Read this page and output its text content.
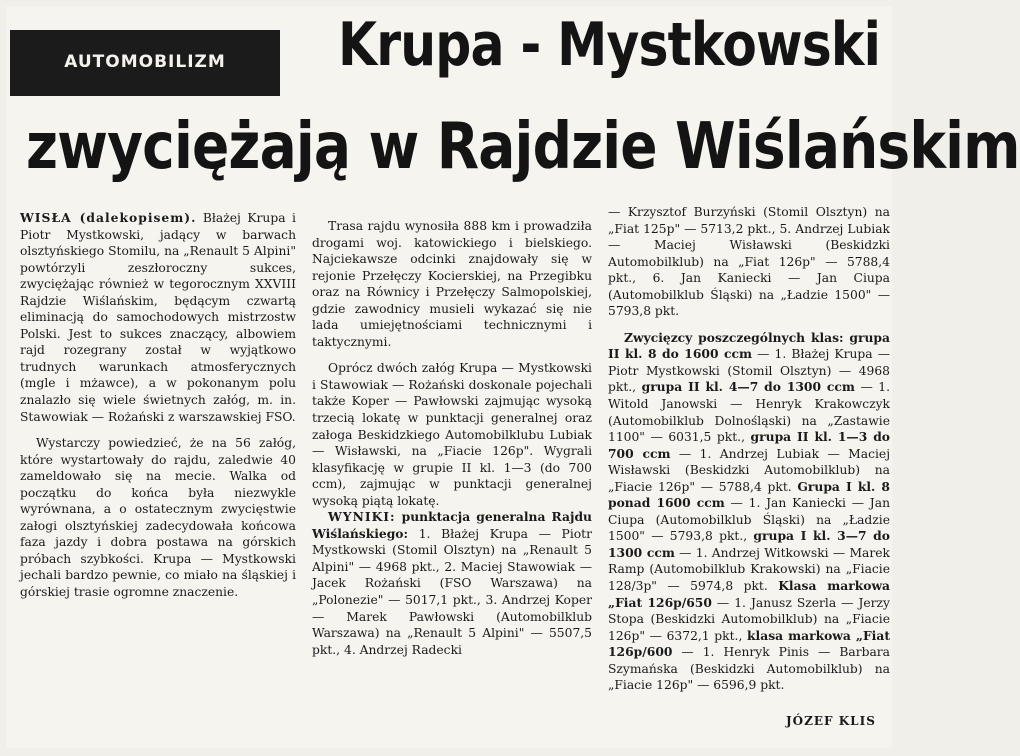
AUTOMOBILIZM	Krupa - Mystkowski
zwyciężają w Rajdzie Wiślańskim

WISŁA (dalekopisem). Błażej Krupa i Piotr Mystkowski, jadący w barwach olsztyńskiego Stomilu, na „Renault 5 Alpini" powtórzyli zeszłoroczny sukces, zwyciężając również w tegorocznym XXVIII Rajdzie Wiślańskim, będącym czwartą eliminacją do samochodowych mistrzostw Polski. Jest to sukces znaczący, albowiem rajd rozegrany został w wyjątkowo trudnych warunkach atmosferycznych (mgle i mżawce), a w pokonanym polu znalazło się wiele świetnych załóg, m. in. Stawowiak — Rożański z warszawskiej FSO.

Wystarczy powiedzieć, że na 56 załóg, które wystartowały do rajdu, zaledwie 40 zameldowało się na mecie. Walka od początku do końca była niezwykle wyrównana, a o ostatecznym zwycięstwie załogi olsztyńskiej zadecydowała końcowa faza jazdy i dobra postawa na górskich próbach szybkości. Krupa — Mystkowski jechali bardzo pewnie, co miało na śląskiej i górskiej trasie ogromne znaczenie.

Trasa rajdu wynosiła 888 km i prowadziła drogami woj. katowickiego i bielskiego. Najciekawsze odcinki znajdowały się w rejonie Przełęczy Kocierskiej, na Przegibku oraz na Równicy i Przełęczy Salmopolskiej, gdzie zawodnicy musieli wykazać się nie lada umiejętnościami technicznymi i taktycznymi.

Oprócz dwóch załóg Krupa — Mystkowski i Stawowiak — Rożański doskonale pojechali także Koper — Pawłowski zajmując wysoką trzecią lokatę w punktacji generalnej oraz załoga Beskidzkiego Automobilklubu Lubiak — Wisławski, na „Fiacie 126p". Wygrali klasyfikację w grupie II kl. 1—3 (do 700 ccm), zajmując w punktacji generalnej wysoką piątą lokatę.

WYNIKI: punktacja generalna Rajdu Wiślańskiego: 1. Błażej Krupa — Piotr Mystkowski (Stomil Olsztyn) na „Renault 5 Alpini" — 4968 pkt., 2. Maciej Stawowiak — Jacek Rożański (FSO Warszawa) na „Polonezie" — 5017,1 pkt., 3. Andrzej Koper — Marek Pawłowski (Automobilklub Warszawa) na „Renault 5 Alpini" — 5507,5 pkt., 4. Andrzej Radecki

— Krzysztof Burzyński (Stomil Olsztyn) na „Fiat 125p" — 5713,2 pkt., 5. Andrzej Lubiak — Maciej Wisławski (Beskidzki Automobilklub) na „Fiat 126p" — 5788,4 pkt., 6. Jan Kaniecki — Jan Ciupa (Automobilklub Śląski) na „Ładzie 1500" — 5793,8 pkt.

Zwycięzcy poszczególnych klas: grupa II kl. 8 do 1600 ccm — 1. Błażej Krupa — Piotr Mystkowski (Stomil Olsztyn) — 4968 pkt., grupa II kl. 4—7 do 1300 ccm — 1. Witold Janowski — Henryk Krakowczyk (Automobilklub Dolnośląski) na „Zastawie 1100" — 6031,5 pkt., grupa II kl. 1—3 do 700 ccm — 1. Andrzej Lubiak — Maciej Wisławski (Beskidzki Automobilklub) na „Fiacie 126p" — 5788,4 pkt. Grupa I kl. 8 ponad 1600 ccm — 1. Jan Kaniecki — Jan Ciupa (Automobilklub Śląski) na „Ładzie 1500" — 5793,8 pkt., grupa I kl. 3—7 do 1300 ccm — 1. Andrzej Witkowski — Marek Ramp (Automobilklub Krakowski) na „Fiacie 128/3p" — 5974,8 pkt. Klasa markowa „Fiat 126p/650 — 1. Janusz Szerla — Jerzy Stopa (Beskidzki Automobilklub) na „Fiacie 126p" — 6372,1 pkt., klasa markowa „Fiat 126p/600 — 1. Henryk Pinis — Barbara Szymańska (Beskidzki Automobilklub) na „Fiacie 126p" — 6596,9 pkt.

JÓZEF KLIS
